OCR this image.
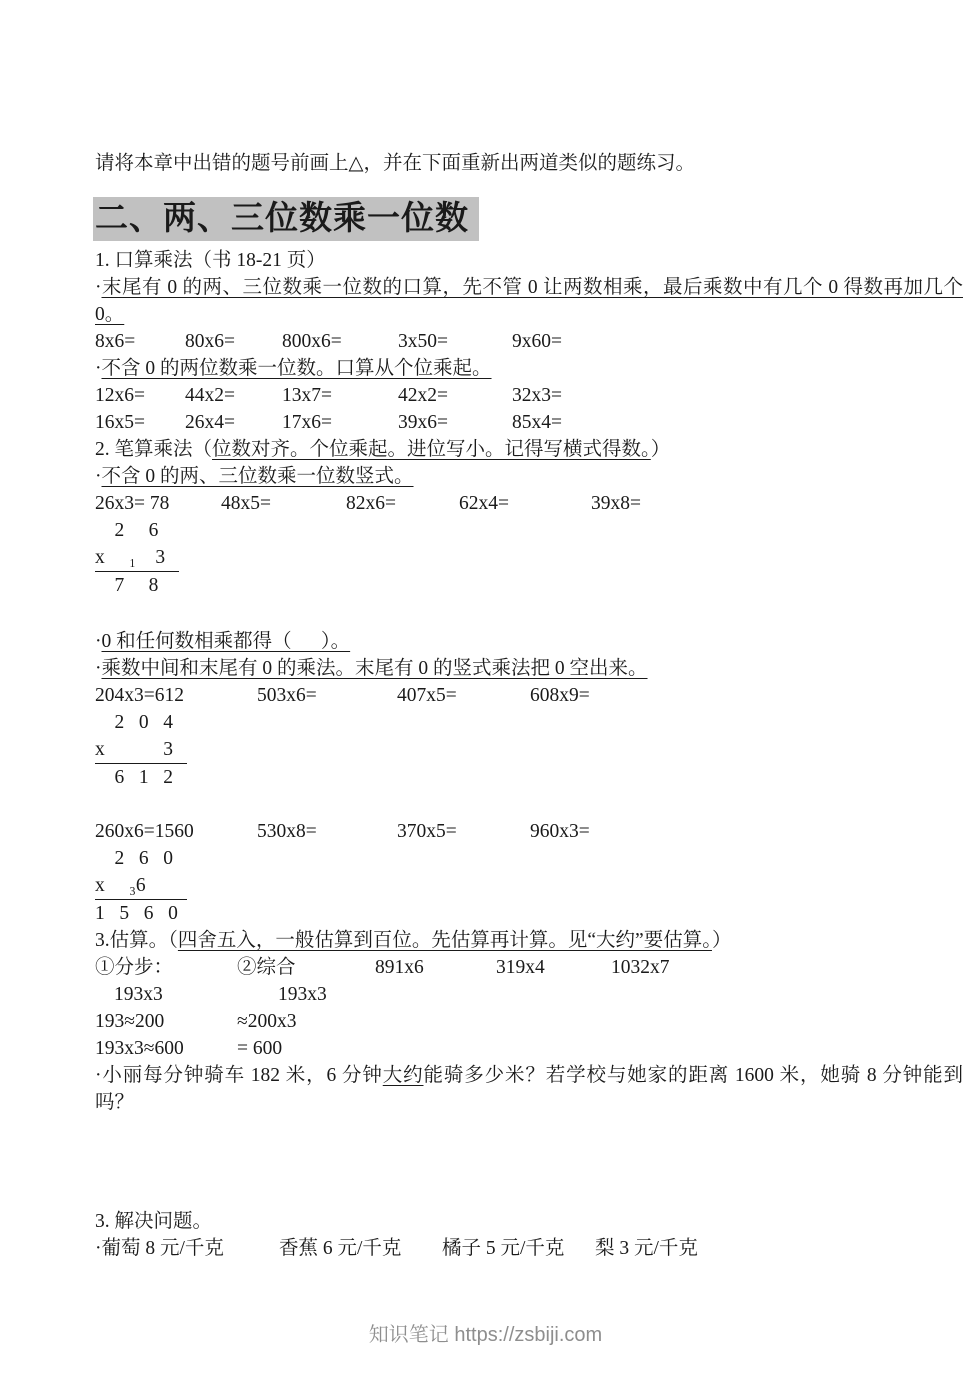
请将本章中出错的题号前画上△，并在下面重新出两道类似的题练习。
二、两、三位数乘一位数
1. 口算乘法（书 18-21 页）
·末尾有 0 的两、三位数乘一位数的口算，先不管 0 让两数相乘，最后乘数中有几个 0 得数再加几个 0。
8x6=	80x6=	800x6=	3x50=	9x60=
·不含 0 的两位数乘一位数。口算从个位乘起。
12x6=	44x2=	13x7=	42x2=	32x3=
16x5=	26x4=	17x6=	39x6=	85x4=
2. 笔算乘法（位数对齐。个位乘起。进位写小。记得写横式得数。）
·不含 0 的两、三位数乘一位数竖式。
26x3= 78	48x5=	82x6=	62x4=	39x8=
2     6
x     ₁    3
7     8
·0 和任何数相乘都得（      ）。
·乘数中间和末尾有 0 的乘法。末尾有 0 的竖式乘法把 0 空出来。
204x3=612	503x6=	407x5=	608x9=
2   0   4
x            3
6   1   2
260x6=1560	530x8=	370x5=	960x3=
2   6   0
x     ₃6
1   5   6   0
3.估算。（四舍五入，一般估算到百位。先估算再计算。见“大约”要估算。）
①分步：	②综合	891x6	319x4	1032x7
193x3	193x3
193≈200	≈200x3
193x3≈600	= 600
·小丽每分钟骑车 182 米，6 分钟大约能骑多少米？若学校与她家的距离 1600 米，她骑 8 分钟能到吗？
3. 解决问题。
·葡萄 8 元/千克	香蕉 6 元/千克	橘子 5 元/千克	梨 3 元/千克
知识笔记 https://zsbiji.com
